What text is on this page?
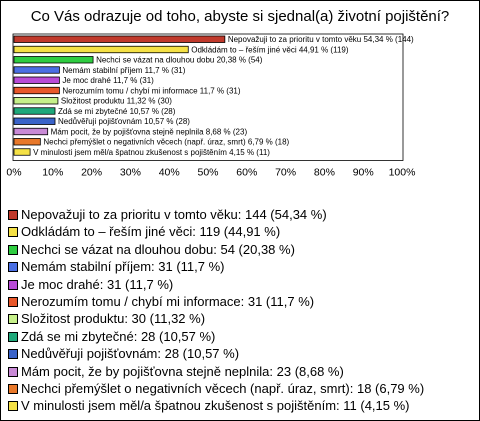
Co Vás odrazuje od toho, abyste si sjednal(a) životní pojištění?
Nepovažuji to za prioritu v tomto věku 54,34 % (144)
Odkládám to – řeším jiné věci 44,91 % (119)
Nechci se vázat na dlouhou dobu 20,38 % (54)
Nemám stabilní příjem 11,7 % (31)
Je moc drahé 11,7 % (31)
Nerozumím tomu / chybí mi informace 11,7 % (31)
Složitost produktu 11,32 % (30)
Zdá se mi zbytečné 10,57 % (28)
Nedůvěřuji pojišťovnám 10,57 % (28)
Mám pocit, že by pojišťovna stejně neplnila 8,68 % (23)
Nechci přemýšlet o negativních věcech (např. úraz, smrt) 6,79 % (18)
V minulosti jsem měl/a špatnou zkušenost s pojištěním 4,15 % (11)
0% 10% 20% 30% 40% 50% 60% 70% 80% 90% 100%
Nepovažuji to za prioritu v tomto věku: 144 (54,34 %)
Odkládám to – řeším jiné věci: 119 (44,91 %)
Nechci se vázat na dlouhou dobu: 54 (20,38 %)
Nemám stabilní příjem: 31 (11,7 %)
Je moc drahé: 31 (11,7 %)
Nerozumím tomu / chybí mi informace: 31 (11,7 %)
Složitost produktu: 30 (11,32 %)
Zdá se mi zbytečné: 28 (10,57 %)
Nedůvěřuji pojišťovnám: 28 (10,57 %)
Mám pocit, že by pojišťovna stejně neplnila: 23 (8,68 %)
Nechci přemýšlet o negativních věcech (např. úraz, smrt): 18 (6,79 %)
V minulosti jsem měl/a špatnou zkušenost s pojištěním: 11 (4,15 %)
